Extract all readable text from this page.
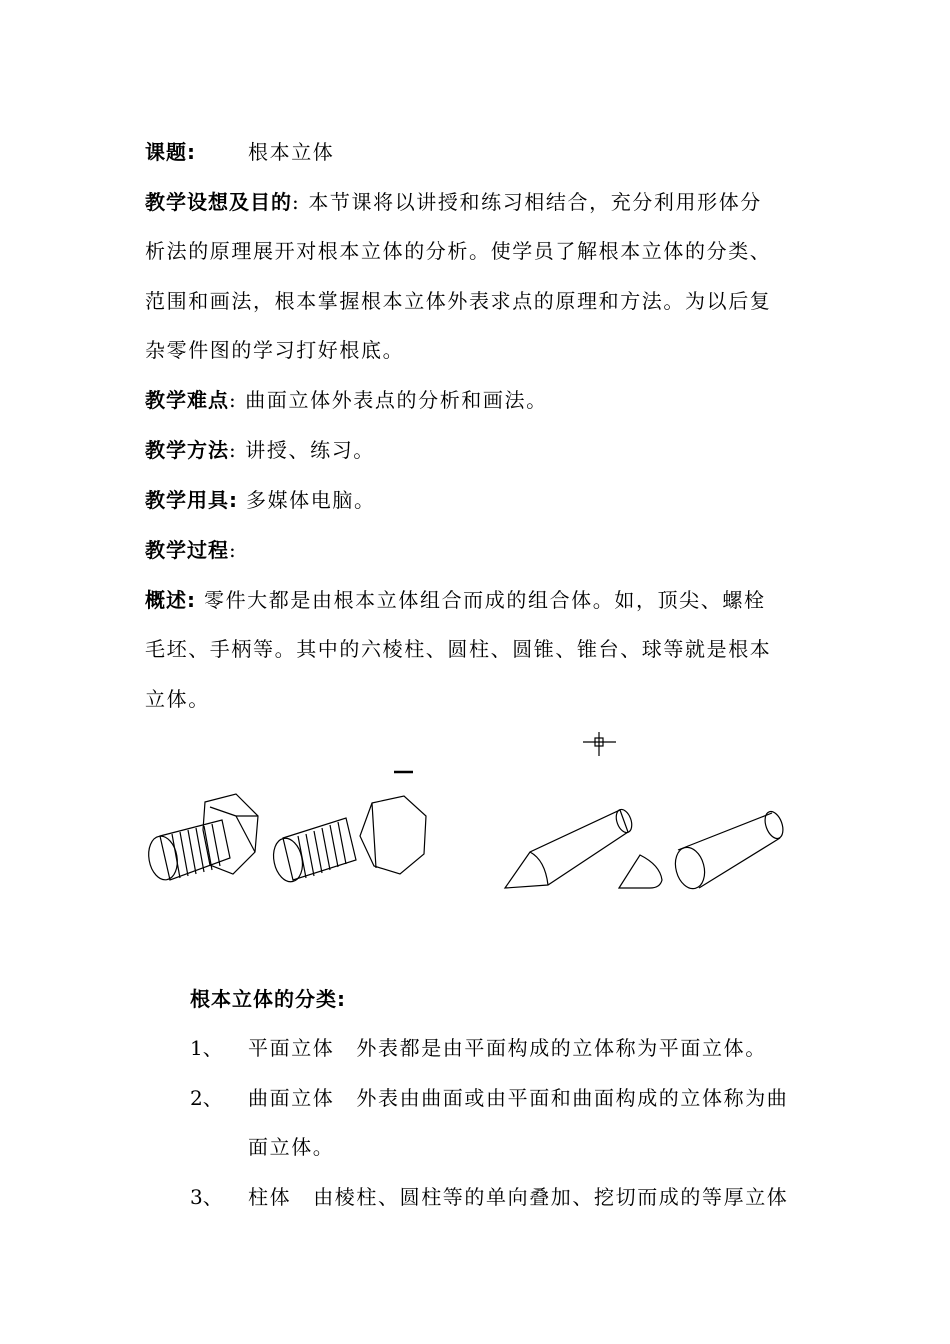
课题:	根本立体
教学设想及目的: 本节课将以讲授和练习相结合，充分利用形体分
析法的原理展开对根本立体的分析。使学员了解根本立体的分类、
范围和画法，根本掌握根本立体外表求点的原理和方法。为以后复
杂零件图的学习打好根底。
教学难点: 曲面立体外表点的分析和画法。
教学方法: 讲授、练习。
教学用具: 多媒体电脑。
教学过程:
概述: 零件大都是由根本立体组合而成的组合体。如，顶尖、螺栓
毛坯、手柄等。其中的六棱柱、圆柱、圆锥、锥台、球等就是根本
立体。
根本立体的分类:
1、 平面立体 外表都是由平面构成的立体称为平面立体。
2、 曲面立体 外表由曲面或由平面和曲面构成的立体称为曲
面立体。
3、 柱体 由棱柱、圆柱等的单向叠加、挖切而成的等厚立体
